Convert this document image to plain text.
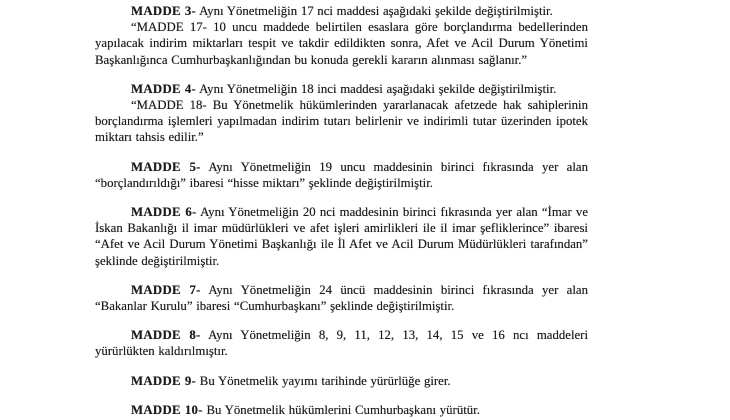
MADDE 3- Aynı Yönetmeliğin 17 nci maddesi aşağıdaki şekilde değiştirilmiştir.

“MADDE 17- 10 uncu maddede belirtilen esaslara göre borçlandırma bedellerinden yapılacak indirim miktarları tespit ve takdir edildikten sonra, Afet ve Acil Durum Yönetimi Başkanlığınca Cumhurbaşkanlığından bu konuda gerekli kararın alınması sağlanır.”

MADDE 4- Aynı Yönetmeliğin 18 inci maddesi aşağıdaki şekilde değiştirilmiştir.

“MADDE 18- Bu Yönetmelik hükümlerinden yararlanacak afetzede hak sahiplerinin borçlandırma işlemleri yapılmadan indirim tutarı belirlenir ve indirimli tutar üzerinden ipotek miktarı tahsis edilir.”

MADDE 5- Aynı Yönetmeliğin 19 uncu maddesinin birinci fıkrasında yer alan “borçlandırıldığı” ibaresi “hisse miktarı” şeklinde değiştirilmiştir.

MADDE 6- Aynı Yönetmeliğin 20 nci maddesinin birinci fıkrasında yer alan “İmar ve İskan Bakanlığı il imar müdürlükleri ve afet işleri amirlikleri ile il imar şefliklerince” ibaresi “Afet ve Acil Durum Yönetimi Başkanlığı ile İl Afet ve Acil Durum Müdürlükleri tarafından” şeklinde değiştirilmiştir.

MADDE 7- Aynı Yönetmeliğin 24 üncü maddesinin birinci fıkrasında yer alan “Bakanlar Kurulu” ibaresi “Cumhurbaşkanı” şeklinde değiştirilmiştir.

MADDE 8- Aynı Yönetmeliğin 8, 9, 11, 12, 13, 14, 15 ve 16 ncı maddeleri yürürlükten kaldırılmıştır.

MADDE 9- Bu Yönetmelik yayımı tarihinde yürürlüğe girer.

MADDE 10- Bu Yönetmelik hükümlerini Cumhurbaşkanı yürütür.
